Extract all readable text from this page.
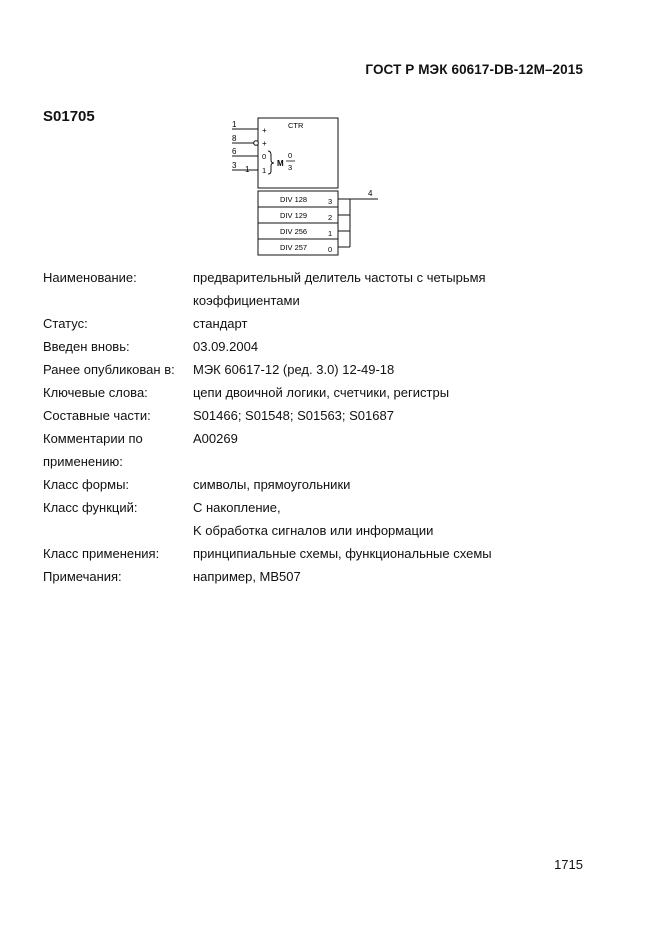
ГОСТ Р МЭК 60617-DB-12M–2015
S01705
CTR
1
8
6
3 1
+
+
0
1
M
0
3
DIV 128
DIV 129
DIV 256
DIV 257
3
2
1
0
4
Наименование:	предварительный делитель частоты с четырьмя
коэффициентами
Статус:	стандарт
Введен вновь:	03.09.2004
Ранее опубликован в:	МЭК 60617-12 (ред. 3.0) 12-49-18
Ключевые слова:	цепи двоичной логики, счетчики, регистры
Составные части:	S01466; S01548; S01563; S01687
Комментарии по применению:
A00269
Класс формы:	символы, прямоугольники
Класс функций:	С накопление,
K обработка сигналов или информации
Класс применения:	принципиальные схемы, функциональные схемы
Примечания:	например, MB507
1715
